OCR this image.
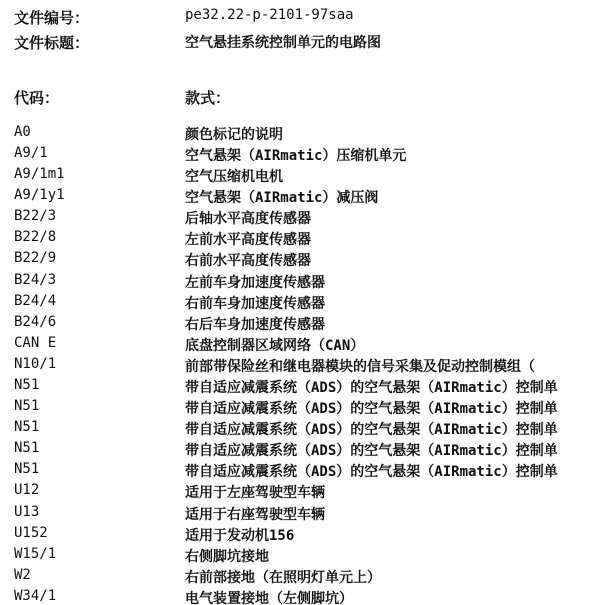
文件编号：	pe32.22-p-2101-97saa
文件标题：	空气悬挂系统控制单元的电路图
代码：	款式：
A0	颜色标记的说明
A9/1	空气悬架（AIRmatic）压缩机单元
A9/1m1	空气压缩机电机
A9/1y1	空气悬架（AIRmatic）减压阀
B22/3	后轴水平高度传感器
B22/8	左前水平高度传感器
B22/9	右前水平高度传感器
B24/3	左前车身加速度传感器
B24/4	右前车身加速度传感器
B24/6	右后车身加速度传感器
CAN E	底盘控制器区域网络（CAN）
N10/1	前部带保险丝和继电器模块的信号采集及促动控制模组（
N51	带自适应减震系统（ADS）的空气悬架（AIRmatic）控制单
N51	带自适应减震系统（ADS）的空气悬架（AIRmatic）控制单
N51	带自适应减震系统（ADS）的空气悬架（AIRmatic）控制单
N51	带自适应减震系统（ADS）的空气悬架（AIRmatic）控制单
N51	带自适应减震系统（ADS）的空气悬架（AIRmatic）控制单
U12	适用于左座驾驶型车辆
U13	适用于右座驾驶型车辆
U152	适用于发动机156
W15/1	右侧脚坑接地
W2	右前部接地（在照明灯单元上）
W34/1	电气装置接地（左侧脚坑）
